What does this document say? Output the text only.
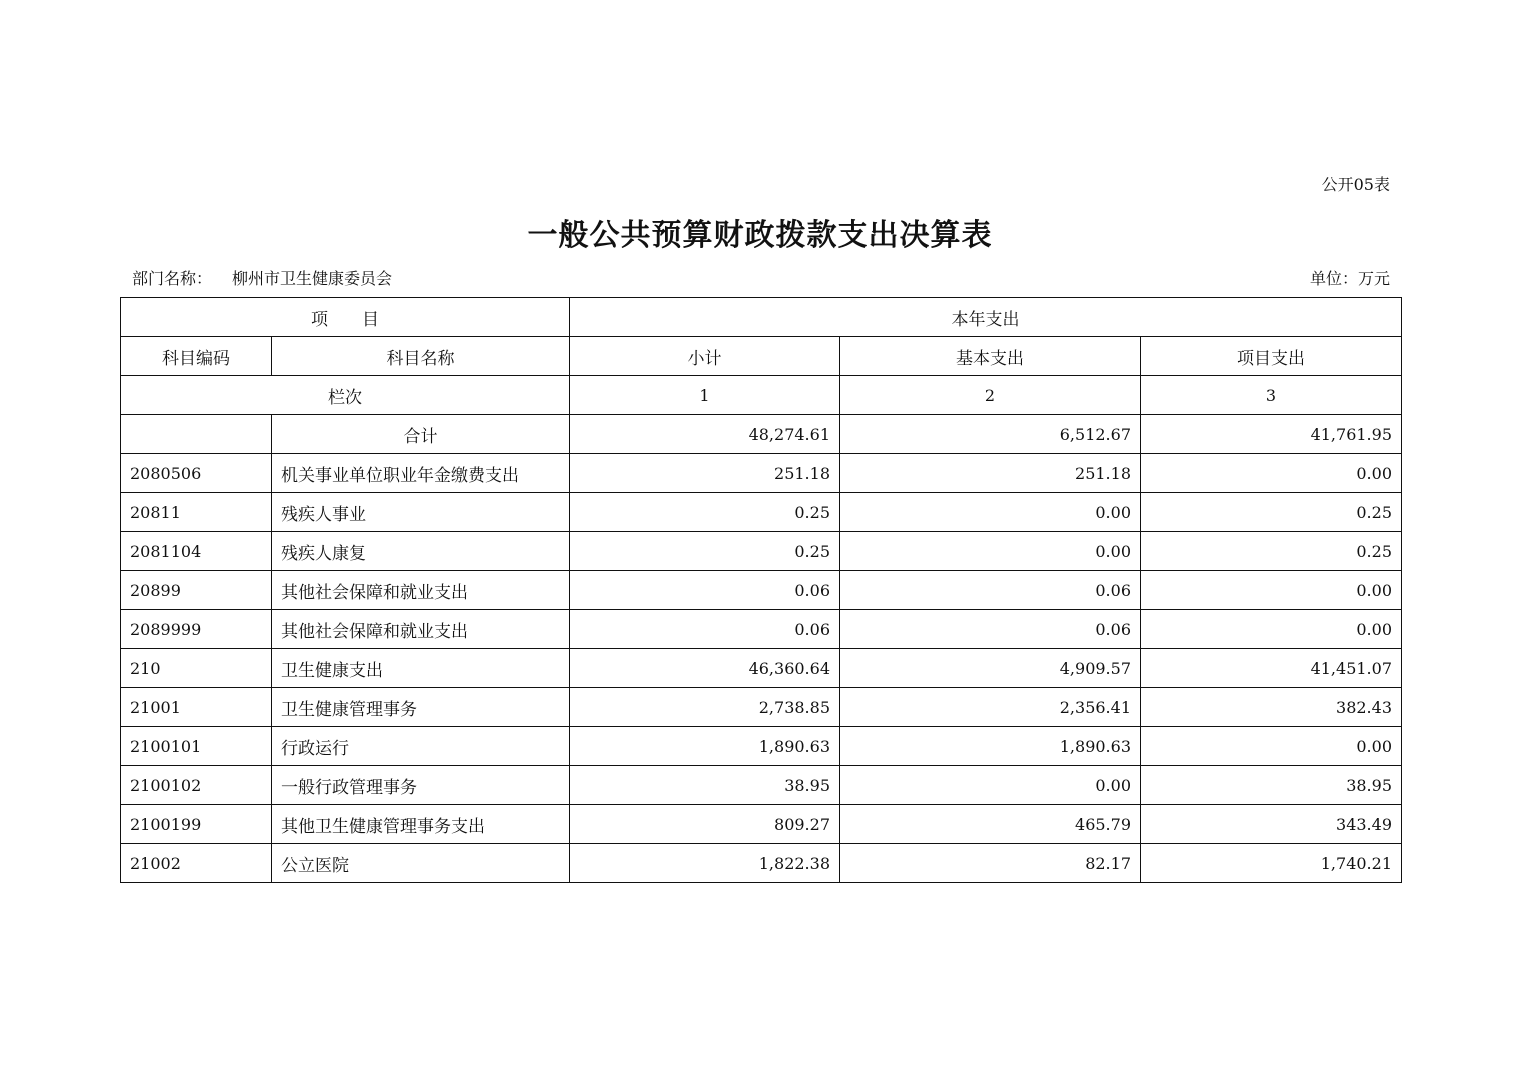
公开05表
一般公共预算财政拨款支出决算表
部门名称： 柳州市卫生健康委员会	单位：万元
项　　目		本年支出		
科目编码	科目名称	小计	基本支出	项目支出
栏次		1	2	3
	合计	48,274.61	6,512.67	41,761.95
2080506	机关事业单位职业年金缴费支出	251.18	251.18	0.00
20811	残疾人事业	0.25	0.00	0.25
2081104	残疾人康复	0.25	0.00	0.25
20899	其他社会保障和就业支出	0.06	0.06	0.00
2089999	其他社会保障和就业支出	0.06	0.06	0.00
210	卫生健康支出	46,360.64	4,909.57	41,451.07
21001	卫生健康管理事务	2,738.85	2,356.41	382.43
2100101	行政运行	1,890.63	1,890.63	0.00
2100102	一般行政管理事务	38.95	0.00	38.95
2100199	其他卫生健康管理事务支出	809.27	465.79	343.49
21002	公立医院	1,822.38	82.17	1,740.21
